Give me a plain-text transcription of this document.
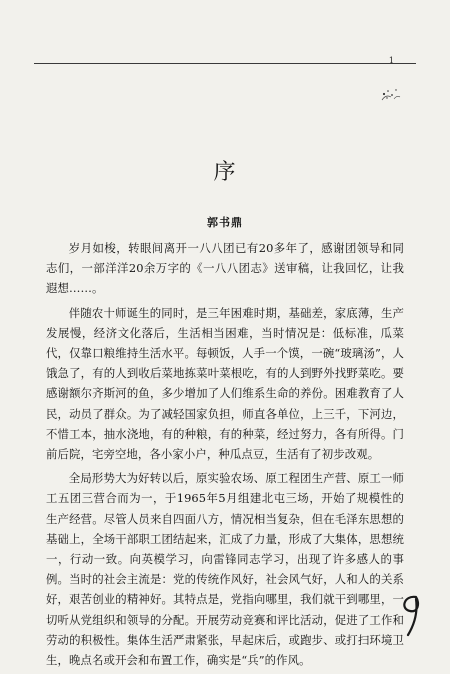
1
序
郭书鼎

岁月如梭，转眼间离开一八八团已有20多年了，感谢团领导和同志们，一部洋洋20余万字的《一八八团志》送审稿，让我回忆，让我遐想……。

伴随农十师诞生的同时，是三年困难时期，基础差，家底薄，生产发展慢，经济文化落后，生活相当困难，当时情况是：低标准，瓜菜代，仅靠口粮维持生活水平。每顿饭，人手一个馍，一碗“玻璃汤”，人饿急了，有的人到收后菜地拣菜叶菜根吃，有的人到野外找野菜吃。要感谢额尔齐斯河的鱼，多少增加了人们维系生命的养份。困难教育了人民，动员了群众。为了减轻国家负担，师直各单位，上三千，下河边，不惜工本，抽水浇地，有的种粮，有的种菜，经过努力，各有所得。门前后院，宅旁空地，各小家小户，种瓜点豆，生活有了初步改观。

全局形势大为好转以后，原实验农场、原工程团生产营、原工一师工五团三营合而为一，于1965年5月组建北屯三场，开始了规模性的生产经营。尽管人员来自四面八方，情况相当复杂，但在毛泽东思想的基础上，全场干部职工团结起来，汇成了力量，形成了大集体，思想统一，行动一致。向英模学习，向雷锋同志学习，出现了许多感人的事例。当时的社会主流是：党的传统作风好，社会风气好，人和人的关系好，艰苦创业的精神好。其特点是，党指向哪里，我们就干到哪里，一切听从党组织和领导的分配。开展劳动竞赛和评比活动，促进了工作和劳动的积极性。集体生活严肃紧张，早起床后，或跑步、或打扫环境卫生，晚点名或开会和布置工作，确实是“兵”的作风。
